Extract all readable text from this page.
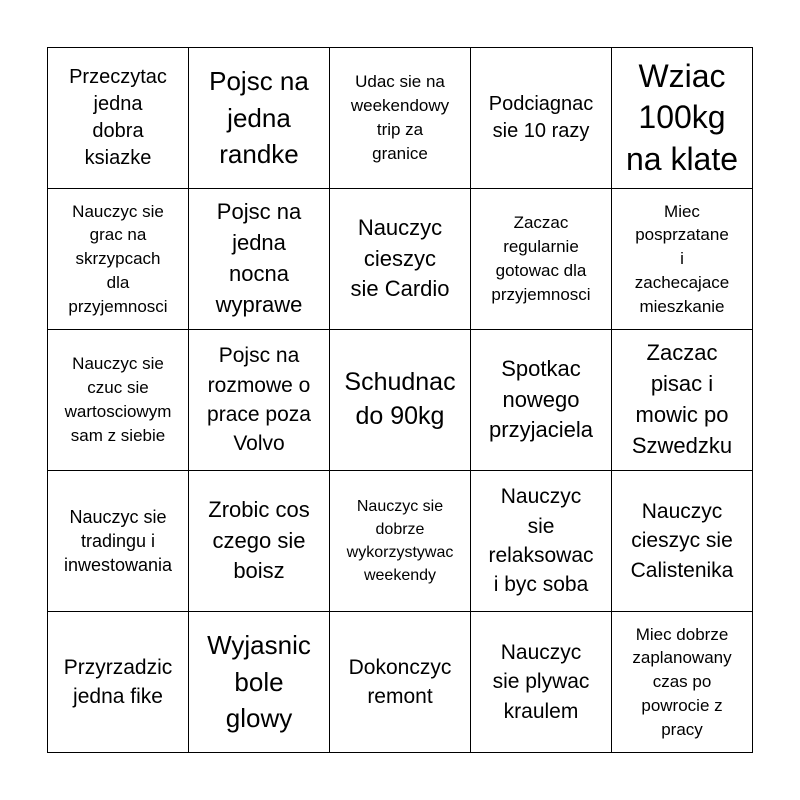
Przeczytac
jedna
dobra
ksiazke
Pojsc na
jedna
randke
Udac sie na
weekendowy
trip za
granice
Podciagnac
sie 10 razy
Wziac
100kg
na klate
Nauczyc sie
grac na
skrzypcach
dla
przyjemnosci
Pojsc na
jedna
nocna
wyprawe
Nauczyc
cieszyc
sie Cardio
Zaczac
regularnie
gotowac dla
przyjemnosci
Miec
posprzatane
i
zachecajace
mieszkanie
Nauczyc sie
czuc sie
wartosciowym
sam z siebie
Pojsc na
rozmowe o
prace poza
Volvo
Schudnac
do 90kg
Spotkac
nowego
przyjaciela
Zaczac
pisac i
mowic po
Szwedzku
Nauczyc sie
tradingu i
inwestowania
Zrobic cos
czego sie
boisz
Nauczyc sie
dobrze
wykorzystywac
weekendy
Nauczyc
sie
relaksowac
i byc soba
Nauczyc
cieszyc sie
Calistenika
Przyrzadzic
jedna fike
Wyjasnic
bole
glowy
Dokonczyc
remont
Nauczyc
sie plywac
kraulem
Miec dobrze
zaplanowany
czas po
powrocie z
pracy
